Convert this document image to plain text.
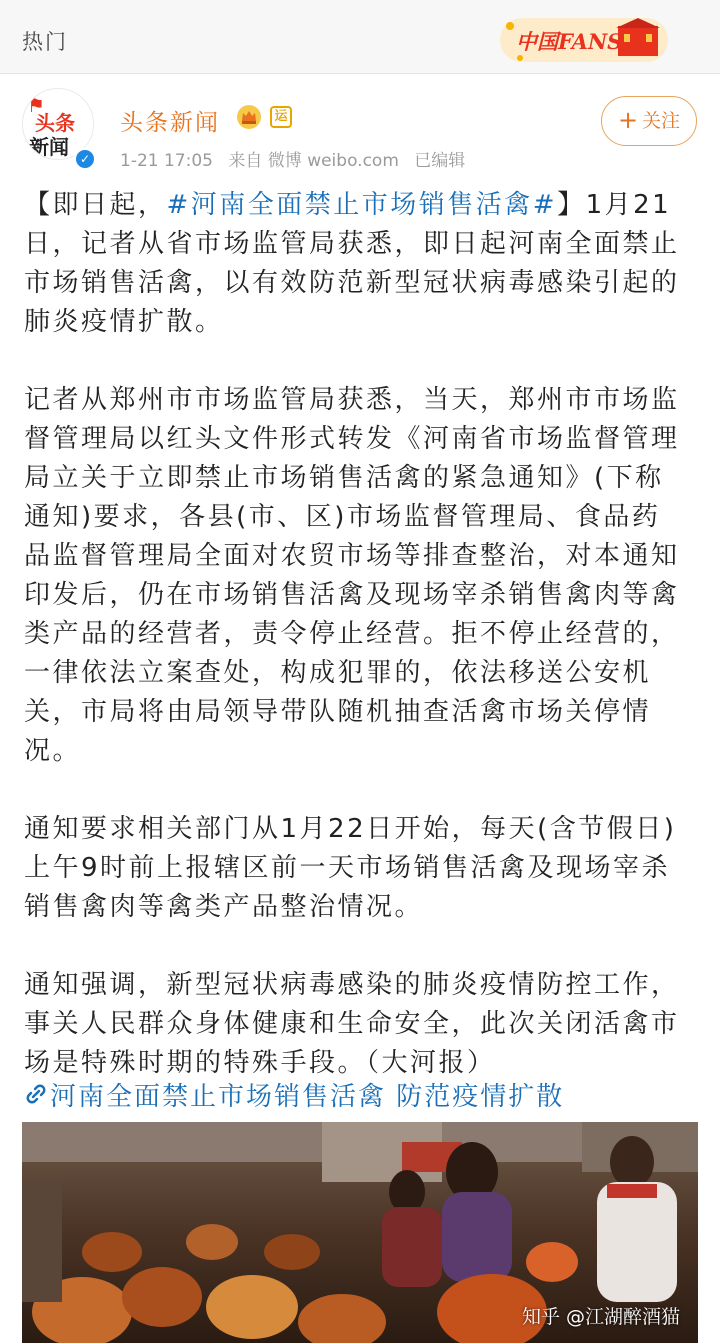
热门	中国FANS
⚑
头条
新闻 ✓
头条新闻	运
1-21 17:05 来自 微博 weibo.com 已编辑
+ 关注

【即日起，#河南全面禁止市场销售活禽#】1月21日，记者从省市场监管局获悉，即日起河南全面禁止市场销售活禽，以有效防范新型冠状病毒感染引起的肺炎疫情扩散。

记者从郑州市市场监管局获悉，当天，郑州市市场监督管理局以红头文件形式转发《河南省市场监督管理局立关于立即禁止市场销售活禽的紧急通知》(下称通知)要求，各县(市、区)市场监督管理局、食品药品监督管理局全面对农贸市场等排查整治，对本通知印发后，仍在市场销售活禽及现场宰杀销售禽肉等禽类产品的经营者，责令停止经营。拒不停止经营的，一律依法立案查处，构成犯罪的，依法移送公安机关，市局将由局领导带队随机抽查活禽市场关停情况。

通知要求相关部门从1月22日开始，每天(含节假日)上午9时前上报辖区前一天市场销售活禽及现场宰杀销售禽肉等禽类产品整治情况。

通知强调，新型冠状病毒感染的肺炎疫情防控工作，事关人民群众身体健康和生命安全，此次关闭活禽市场是特殊时期的特殊手段。（大河报）

河南全面禁止市场销售活禽 防范疫情扩散
知乎 @江湖醉酒猫
